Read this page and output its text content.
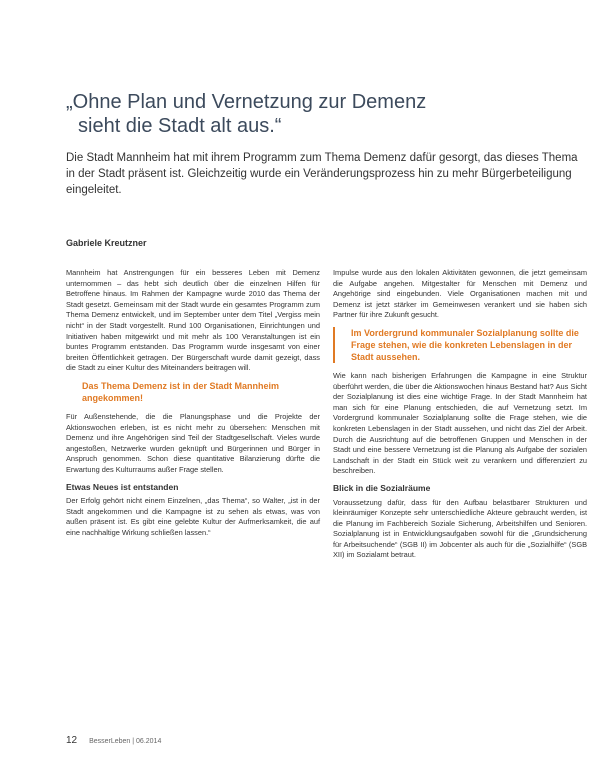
„Ohne Plan und Vernetzung zur Demenz
sieht die Stadt alt aus.“

Die Stadt Mannheim hat mit ihrem Programm zum Thema Demenz dafür gesorgt, das dieses Thema in der Stadt präsent ist. Gleichzeitig wurde ein Veränderungsprozess hin zu mehr Bürgerbeteiligung eingeleitet.

Gabriele Kreutzner

Mannheim hat Anstrengungen für ein besseres Leben mit Demenz unternommen – das hebt sich deutlich über die einzelnen Hilfen für Betroffene hinaus. Im Rahmen der Kampagne wurde 2010 das Thema der Stadt gesetzt. Gemeinsam mit der Stadt wurde ein gesamtes Programm zum Thema Demenz entwickelt, und im September unter dem Titel „Vergiss mein nicht“ in der Stadt vorgestellt. Rund 100 Organisationen, Einrichtungen und Initiativen haben mitgewirkt und mit mehr als 100 Veranstaltungen ist ein buntes Programm entstanden. Das Programm wurde insgesamt von einer breiten Öffentlichkeit getragen. Der Bürgerschaft wurde damit gezeigt, dass die Stadt zu einer Kultur des Miteinanders beitragen will.

Das Thema Demenz ist in der Stadt Mannheim angekommen!

Für Außenstehende, die die Planungsphase und die Projekte der Aktionswochen erleben, ist es nicht mehr zu übersehen: Menschen mit Demenz und ihre Angehörigen sind Teil der Stadtgesellschaft. Vieles wurde angestoßen, Netzwerke wurden geknüpft und Bürgerinnen und Bürger in Anspruch genommen. Schon diese quantitative Bilanzierung dürfte die Erwartung des Kulturraums außer Frage stellen.

Etwas Neues ist entstanden

Der Erfolg gehört nicht einem Einzelnen, „das Thema“, so Walter, „ist in der Stadt angekommen und die Kampagne ist zu sehen als etwas, was von außen präsent ist. Es gibt eine gelebte Kultur der Aufmerksamkeit, die auf eine nachhaltige Wirkung schließen lassen.“

Impulse wurde aus den lokalen Aktivitäten gewonnen, die jetzt gemeinsam die Aufgabe angehen. Mitgestalter für Menschen mit Demenz und Angehörige sind eingebunden. Viele Organisationen machen mit und Demenz ist jetzt stärker im Gemeinwesen verankert und sie haben sich Partner für ihre Zukunft gesucht.

Im Vordergrund kommunaler Sozialplanung sollte die Frage stehen, wie die konkreten Lebenslagen in der Stadt aussehen.

Wie kann nach bisherigen Erfahrungen die Kampagne in eine Struktur überführt werden, die über die Aktionswochen hinaus Bestand hat? Aus Sicht der Sozialplanung ist dies eine wichtige Frage. In der Stadt Mannheim hat man sich für eine Planung entschieden, die auf Vernetzung setzt. Im Vordergrund kommunaler Sozialplanung sollte die Frage stehen, wie die konkreten Lebenslagen in der Stadt aussehen, und nicht das Ziel der Arbeit. Durch die Ausrichtung auf die betroffenen Gruppen und Menschen in der Stadt und eine bessere Vernetzung ist die Planung als Aufgabe der sozialen Landschaft in der Stadt ein Stück weit zu verankern und differenziert zu beschreiben.

Blick in die Sozialräume

Voraussetzung dafür, dass für den Aufbau belastbarer Strukturen und kleinräumiger Konzepte sehr unterschiedliche Akteure gebraucht werden, ist die Planung im Fachbereich Soziale Sicherung, Arbeitshilfen und Senioren. Sozialplanung ist in Entwicklungsaufgaben sowohl für die „Grundsicherung für Arbeitsuchende“ (SGB II) im Jobcenter als auch für die „Sozialhilfe“ (SGB XII) im Sozialamt betraut.

12 BesserLeben | 06.2014
